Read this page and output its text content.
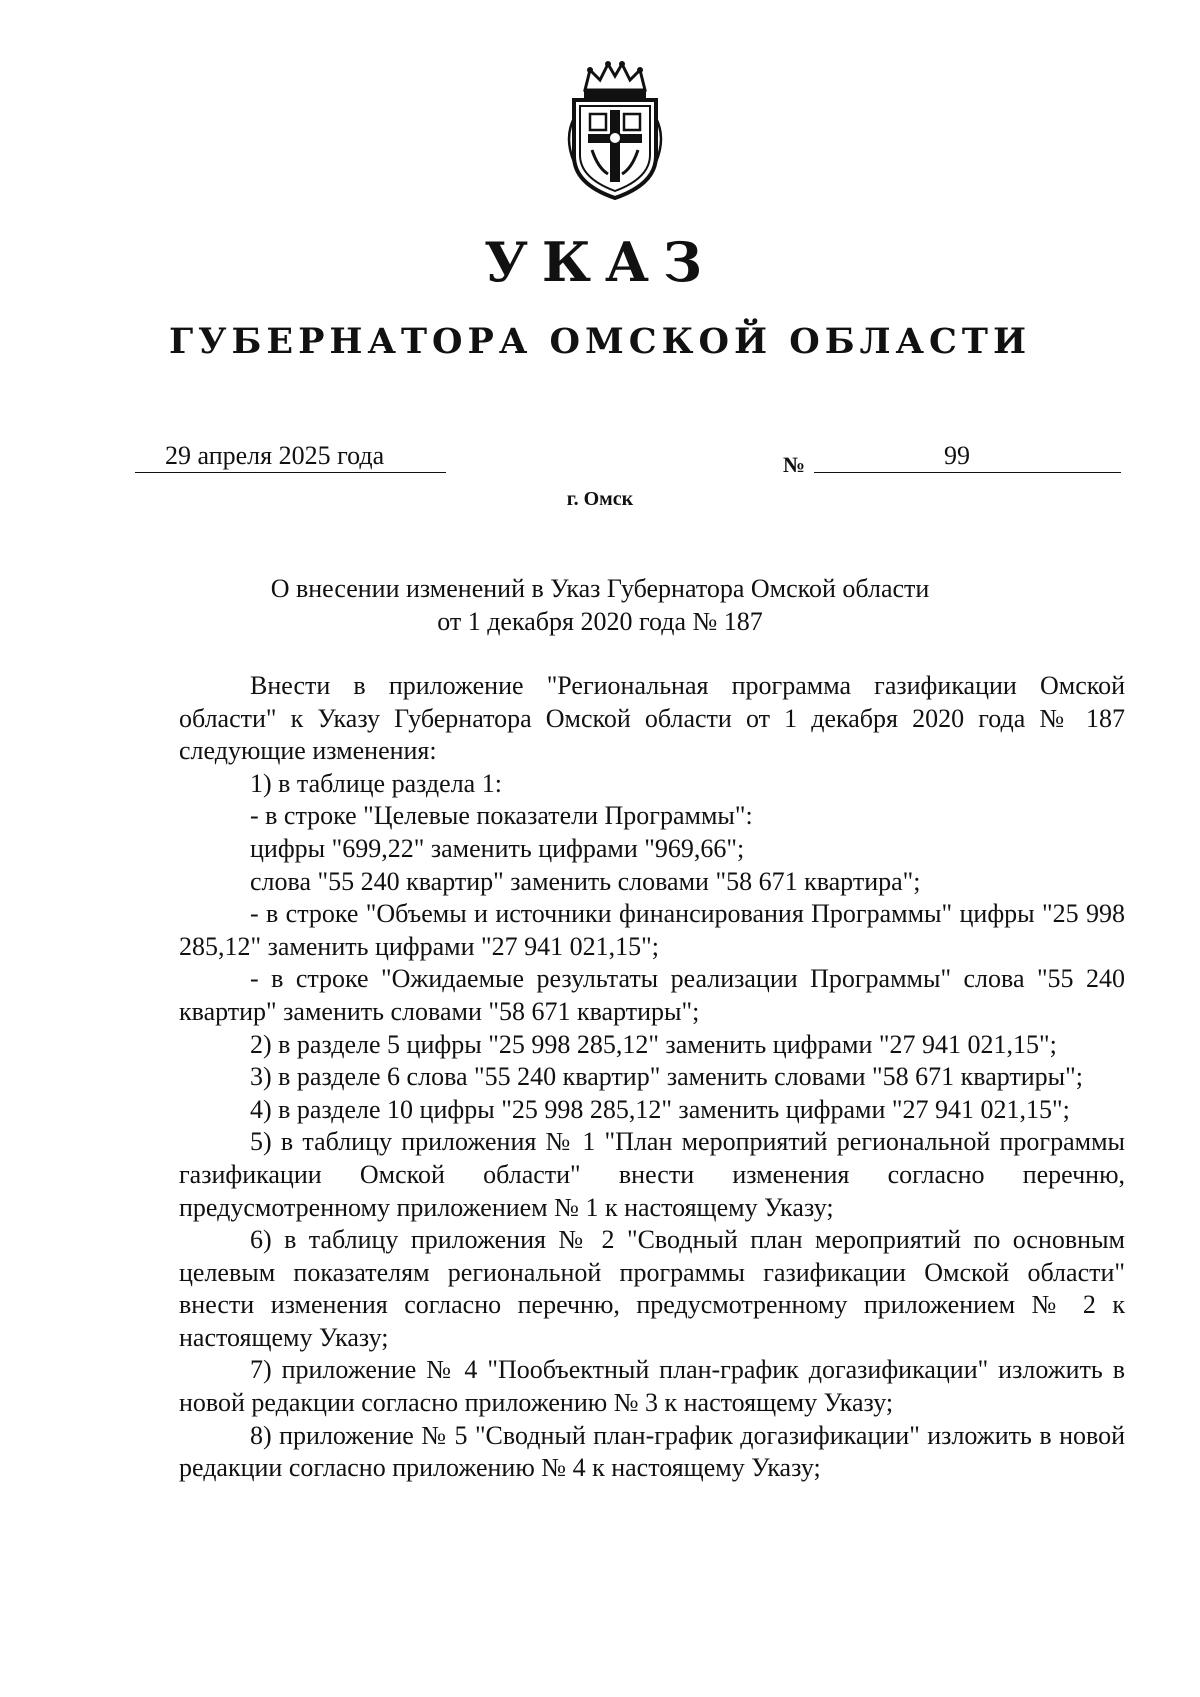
УКАЗ
ГУБЕРНАТОРА ОМСКОЙ ОБЛАСТИ
29 апреля 2025 года	№	99
г. Омск
О внесении изменений в Указ Губернатора Омской области
от 1 декабря 2020 года № 187

Внести в приложение "Региональная программа газификации Омской области" к Указу Губернатора Омской области от 1 декабря 2020 года № 187 следующие изменения:

1) в таблице раздела 1:

- в строке "Целевые показатели Программы":

цифры "699,22" заменить цифрами "969,66";

слова "55 240 квартир" заменить словами "58 671 квартира";

- в строке "Объемы и источники финансирования Программы" цифры "25 998 285,12" заменить цифрами "27 941 021,15";

- в строке "Ожидаемые результаты реализации Программы" слова "55 240 квартир" заменить словами "58 671 квартиры";

2) в разделе 5 цифры "25 998 285,12" заменить цифрами "27 941 021,15";

3) в разделе 6 слова "55 240 квартир" заменить словами "58 671 квартиры";

4) в разделе 10 цифры "25 998 285,12" заменить цифрами "27 941 021,15";

5) в таблицу приложения № 1 "План мероприятий региональной программы газификации Омской области" внести изменения согласно перечню, предусмотренному приложением № 1 к настоящему Указу;

6) в таблицу приложения № 2 "Сводный план мероприятий по основным целевым показателям региональной программы газификации Омской области" внести изменения согласно перечню, предусмотренному приложением № 2 к настоящему Указу;

7) приложение № 4 "Пообъектный план-график догазификации" изложить в новой редакции согласно приложению № 3 к настоящему Указу;

8) приложение № 5 "Сводный план-график догазификации" изложить в новой редакции согласно приложению № 4 к настоящему Указу;
